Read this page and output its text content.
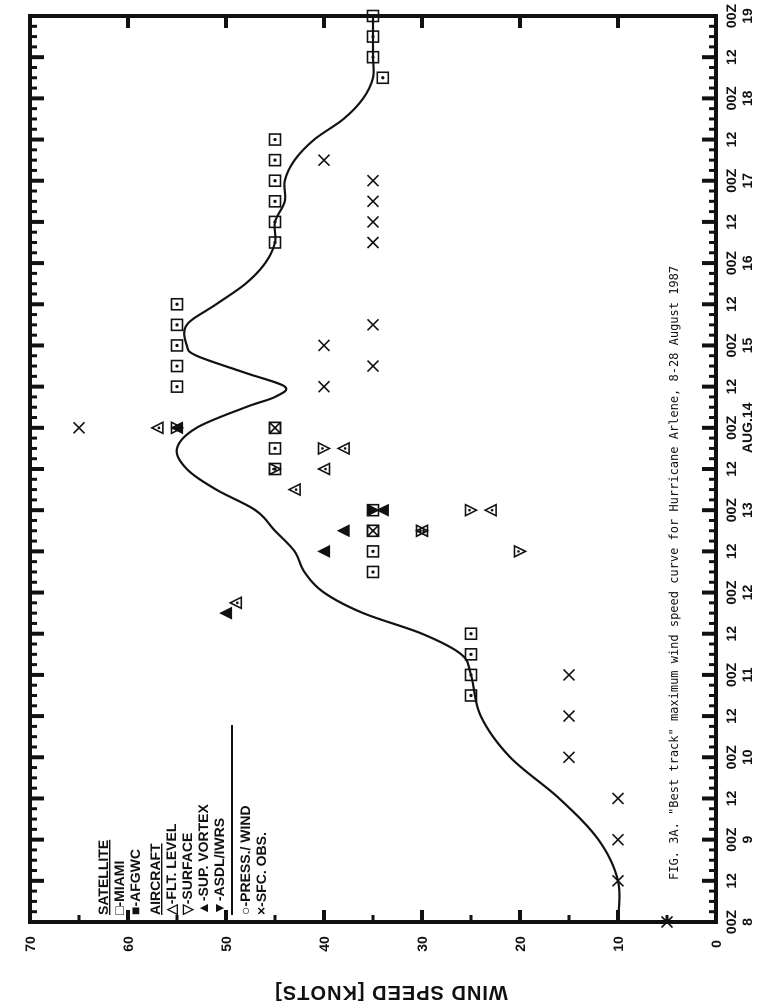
0
10
20
30
40
50
60
70
00Z 8
12
00Z 9
12
00Z 10
12
00Z 11
12
00Z 12
12
00Z 13
12
00Z AUG.14
12
00Z 15
12
00Z 16
12
00Z 17
12
00Z 18
12
00Z 19
WIND SPEED [KNOTS]
SATELLITE □-MIAMI ■-AFGWC AIRCRAFT △-FLT. LEVEL ▽-SURFACE ▲-SUP. VORTEX ▼-ASDL/IWRS ○-PRESS./ WIND ×-SFC. OBS.	FIG. 3A. "Best track" maximum wind speed curve for Hurricane Arlene, 8-28 August 1987
